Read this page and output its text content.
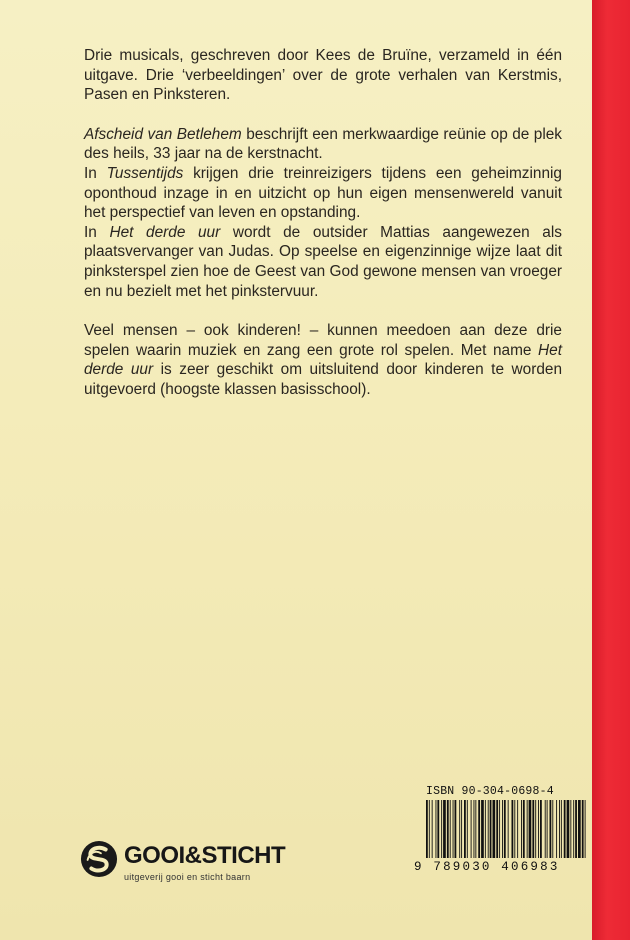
Drie musicals, geschreven door Kees de Bruïne, verzameld in één uitgave. Drie ‘verbeeldingen’ over de grote verhalen van Kerstmis, Pasen en Pinksteren.

Afscheid van Betlehem beschrijft een merkwaardige reünie op de plek des heils, 33 jaar na de kerstnacht.

In Tussentijds krijgen drie treinreizigers tijdens een geheimzinnig oponthoud inzage in en uitzicht op hun eigen mensenwereld vanuit het perspectief van leven en opstanding.

In Het derde uur wordt de outsider Mattias aangewezen als plaatsvervanger van Judas. Op speelse en eigenzinnige wijze laat dit pinksterspel zien hoe de Geest van God gewone mensen van vroeger en nu bezielt met het pinkstervuur.

Veel mensen – ook kinderen! – kunnen meedoen aan deze drie spelen waarin muziek en zang een grote rol spelen. Met name Het derde uur is zeer geschikt om uitsluitend door kinderen te worden uitgevoerd (hoogste klassen basisschool).

GOOI&STICHT
uitgeverij gooi en sticht baarn
ISBN 90-304-0698-4
9 789030 406983
